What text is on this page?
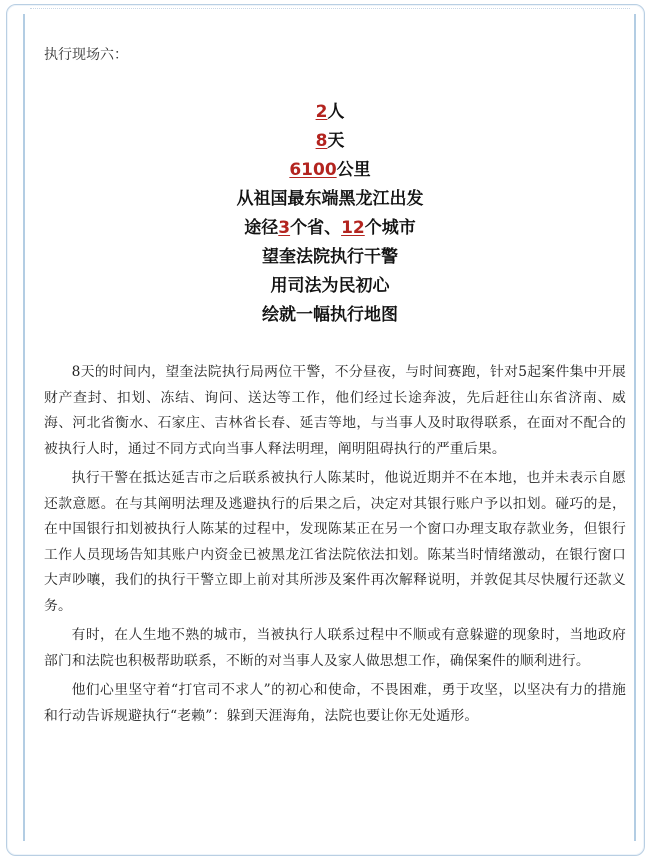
执行现场六：
2人
8天
6100公里
从祖国最东端黑龙江出发
途径3个省、12个城市
望奎法院执行干警
用司法为民初心
绘就一幅执行地图

8天的时间内，望奎法院执行局两位干警，不分昼夜，与时间赛跑，针对5起案件集中开展财产查封、扣划、冻结、询问、送达等工作，他们经过长途奔波，先后赶往山东省济南、威海、河北省衡水、石家庄、吉林省长春、延吉等地，与当事人及时取得联系，在面对不配合的被执行人时，通过不同方式向当事人释法明理，阐明阻碍执行的严重后果。

执行干警在抵达延吉市之后联系被执行人陈某时，他说近期并不在本地，也并未表示自愿还款意愿。在与其阐明法理及逃避执行的后果之后，决定对其银行账户予以扣划。碰巧的是，在中国银行扣划被执行人陈某的过程中，发现陈某正在另一个窗口办理支取存款业务，但银行工作人员现场告知其账户内资金已被黑龙江省法院依法扣划。陈某当时情绪激动，在银行窗口大声吵嚷，我们的执行干警立即上前对其所涉及案件再次解释说明，并敦促其尽快履行还款义务。

有时，在人生地不熟的城市，当被执行人联系过程中不顺或有意躲避的现象时，当地政府部门和法院也积极帮助联系，不断的对当事人及家人做思想工作，确保案件的顺利进行。

他们心里坚守着“打官司不求人”的初心和使命，不畏困难，勇于攻坚，以坚决有力的措施和行动告诉规避执行“老赖”：躲到天涯海角，法院也要让你无处遁形。
